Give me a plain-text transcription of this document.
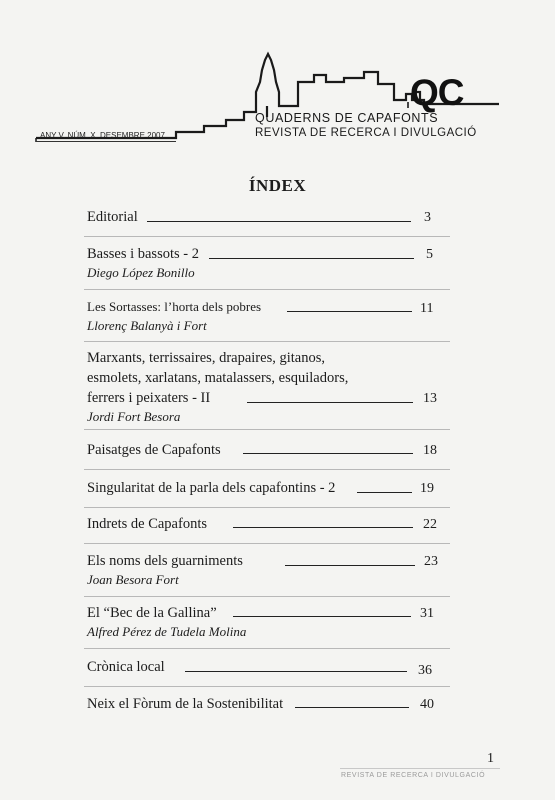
QC
QUADERNS DE CAPAFONTS
REVISTA DE RECERCA I DIVULGACIÓ
ANY V. NÚM. X. DESEMBRE 2007
ÍNDEX
Editorial	3
Basses i bassots - 2	5
Diego López Bonillo
Les Sortasses: l’horta dels pobres	11
Llorenç Balanyà i Fort
Marxants, terrissaires, drapaires, gitanos,
esmolets, xarlatans, matalassers, esquiladors,
ferrers i peixaters - II	13
Jordi Fort Besora
Paisatges de Capafonts	18
Singularitat de la parla dels capafontins - 2	19
Indrets de Capafonts	22
Els noms dels guarniments	23
Joan Besora Fort
El “Bec de la Gallina”	31
Alfred Pérez de Tudela Molina
Crònica local	36
Neix el Fòrum de la Sostenibilitat	40
1
REVISTA DE RECERCA I DIVULGACIÓ
